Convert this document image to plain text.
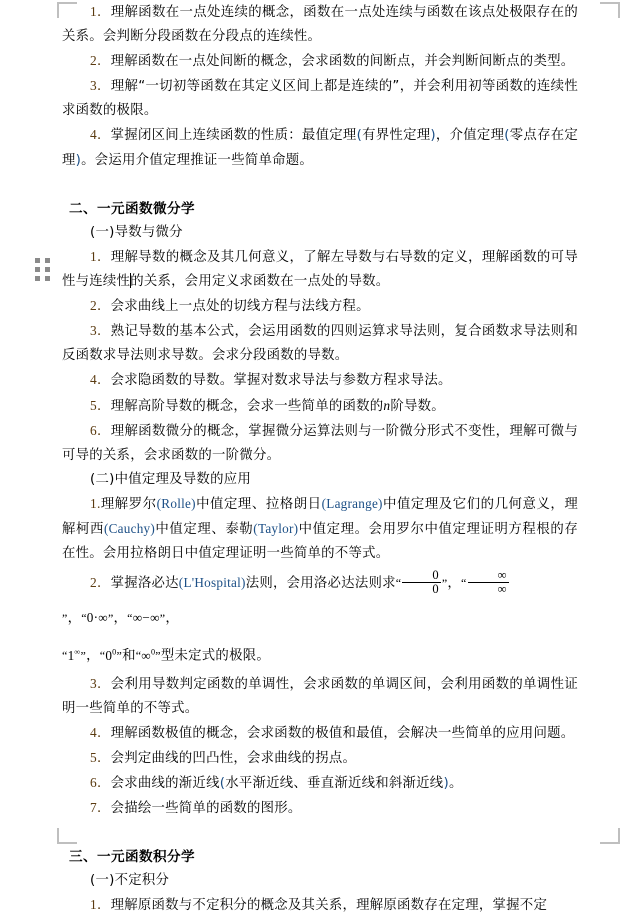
1．理解函数在一点处连续的概念，函数在一点处连续与函数在该点处极限存在的关系。会判断分段函数在分段点的连续性。

2．理解函数在一点处间断的概念，会求函数的间断点，并会判断间断点的类型。

3．理解“一切初等函数在其定义区间上都是连续的”，并会利用初等函数的连续性求函数的极限。

4．掌握闭区间上连续函数的性质：最值定理(有界性定理)，介值定理(零点存在定理)。会运用介值定理推证一些简单命题。

二、一元函数微分学

(一)导数与微分

1．理解导数的概念及其几何意义，了解左导数与右导数的定义，理解函数的可导性与连续性的关系，会用定义求函数在一点处的导数。

2．会求曲线上一点处的切线方程与法线方程。

3．熟记导数的基本公式，会运用函数的四则运算求导法则，复合函数求导法则和反函数求导法则求导数。会求分段函数的导数。

4．会求隐函数的导数。掌握对数求导法与参数方程求导法。

5．理解高阶导数的概念，会求一些简单的函数的n阶导数。

6．理解函数微分的概念，掌握微分运算法则与一阶微分形式不变性，理解可微与可导的关系，会求函数的一阶微分。

(二)中值定理及导数的应用

1.理解罗尔(Rolle)中值定理、拉格朗日(Lagrange)中值定理及它们的几何意义，理解柯西(Cauchy)中值定理、泰勒(Taylor)中值定理。会用罗尔中值定理证明方程根的存在性。会用拉格朗日中值定理证明一些简单的不等式。

2．掌握洛必达(L'Hospital)法则，会用洛必达法则求“ $\frac{0}{0}$ ”，“ $\frac{\infty}{\infty}$
”，“0·∞”，“∞−∞”，

“1∞”，“$0^0$”和“∞$^0$”型未定式的极限。

3．会利用导数判定函数的单调性，会求函数的单调区间，会利用函数的单调性证明一些简单的不等式。

4．理解函数极值的概念，会求函数的极值和最值，会解决一些简单的应用问题。

5．会判定曲线的凹凸性，会求曲线的拐点。

6．会求曲线的渐近线(水平渐近线、垂直渐近线和斜渐近线)。

7．会描绘一些简单的函数的图形。

三、一元函数积分学

(一)不定积分

1．理解原函数与不定积分的概念及其关系，理解原函数存在定理，掌握不定
